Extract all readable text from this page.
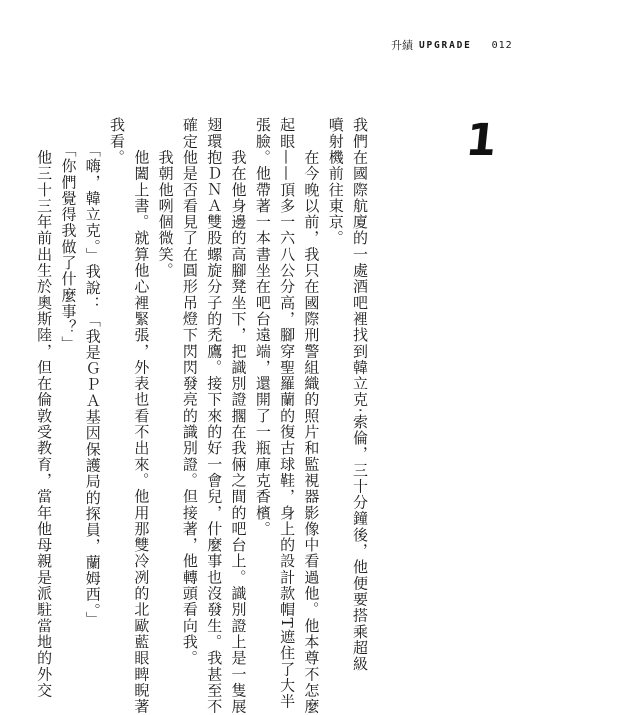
升績 UPGRADE 012
1

我們在國際航廈的一處酒吧裡找到韓立克‧索倫，三十分鐘後，他便要搭乘超級

噴射機前往東京。

　　在今晚以前，我只在國際刑警組織的照片和監視器影像中看過他。他本尊不怎麼

起眼——頂多一六八公分高，腳穿聖羅蘭的復古球鞋，身上的設計款帽T遮住了大半

張臉。他帶著一本書坐在吧台遠端，還開了一瓶庫克香檳。

　　我在他身邊的高腳凳坐下，把識別證擱在我倆之間的吧台上。識別證上是一隻展

翅環抱ＤＮＡ雙股螺旋分子的禿鷹。接下來的好一會兒，什麼事也沒發生。我甚至不

確定他是否看見了在圓形吊燈下閃閃發亮的識別證。但接著，他轉頭看向我。

　　我朝他咧個微笑。

　　他闔上書。就算他心裡緊張，外表也看不出來。他用那雙冷冽的北歐藍眼睥睨著

我看。

　　「嗨，韓立克。」我說：「我是ＧＰＡ基因保護局的探員，蘭姆西。」

　　「你們覺得我做了什麼事？」

　　他三十三年前出生於奧斯陸，但在倫敦受教育，當年他母親是派駐當地的外交
